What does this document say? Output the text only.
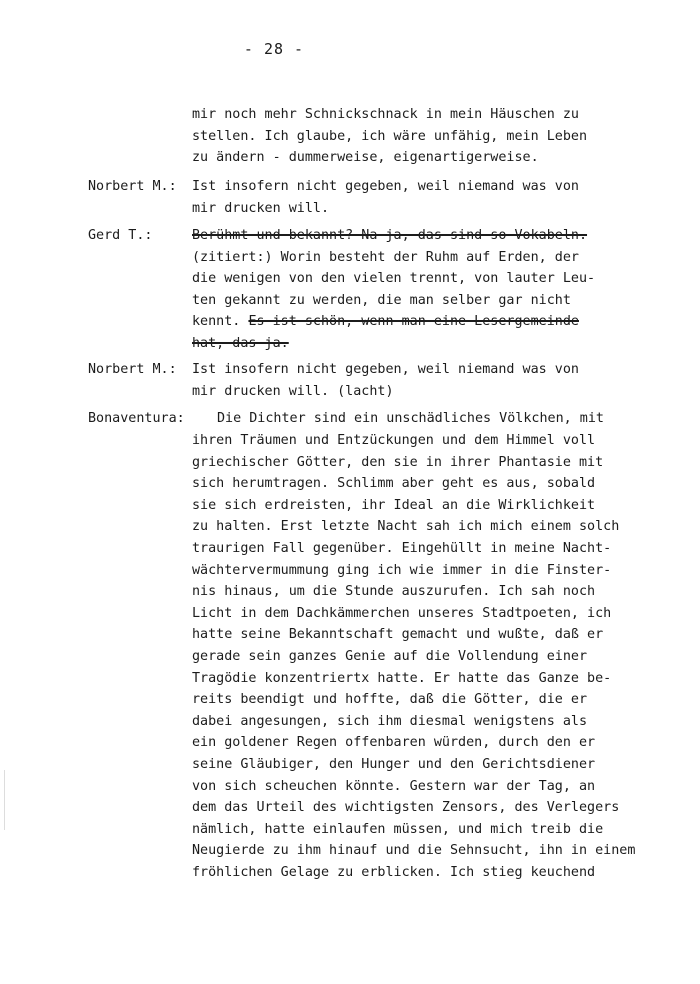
- 28 -
mir noch mehr Schnickschnack in mein Häuschen zu
stellen. Ich glaube, ich wäre unfähig, mein Leben
zu ändern - dummerweise, eigenartigerweise.
Norbert M.: Ist insofern nicht gegeben, weil niemand was von
mir drucken will.
Gerd T.:	Berühmt und bekannt? Na ja, das sind so Vokabeln.
(zitiert:) Worin besteht der Ruhm auf Erden, der
die wenigen von den vielen trennt, von lauter Leu-
ten gekannt zu werden, die man selber gar nicht
kennt. Es ist schön, wenn man eine Lesergemeinde
hat, das ja.
Norbert M.: Ist insofern nicht gegeben, weil niemand was von
mir drucken will. (lacht)
Bonaventura: Die Dichter sind ein unschädliches Völkchen, mit
ihren Träumen und Entzückungen und dem Himmel voll
griechischer Götter, den sie in ihrer Phantasie mit
sich herumtragen. Schlimm aber geht es aus, sobald
sie sich erdreisten, ihr Ideal an die Wirklichkeit
zu halten. Erst letzte Nacht sah ich mich einem solch
traurigen Fall gegenüber. Eingehüllt in meine Nacht-
wächtervermummung ging ich wie immer in die Finster-
nis hinaus, um die Stunde auszurufen. Ich sah noch
Licht in dem Dachkämmerchen unseres Stadtpoeten, ich
hatte seine Bekanntschaft gemacht und wußte, daß er
gerade sein ganzes Genie auf die Vollendung einer
Tragödie konzentriertx hatte. Er hatte das Ganze be-
reits beendigt und hoffte, daß die Götter, die er
dabei angesungen, sich ihm diesmal wenigstens als
ein goldener Regen offenbaren würden, durch den er
seine Gläubiger, den Hunger und den Gerichtsdiener
von sich scheuchen könnte. Gestern war der Tag, an
dem das Urteil des wichtigsten Zensors, des Verlegers
nämlich, hatte einlaufen müssen, und mich treib die
Neugierde zu ihm hinauf und die Sehnsucht, ihn in einem
fröhlichen Gelage zu erblicken. Ich stieg keuchend
